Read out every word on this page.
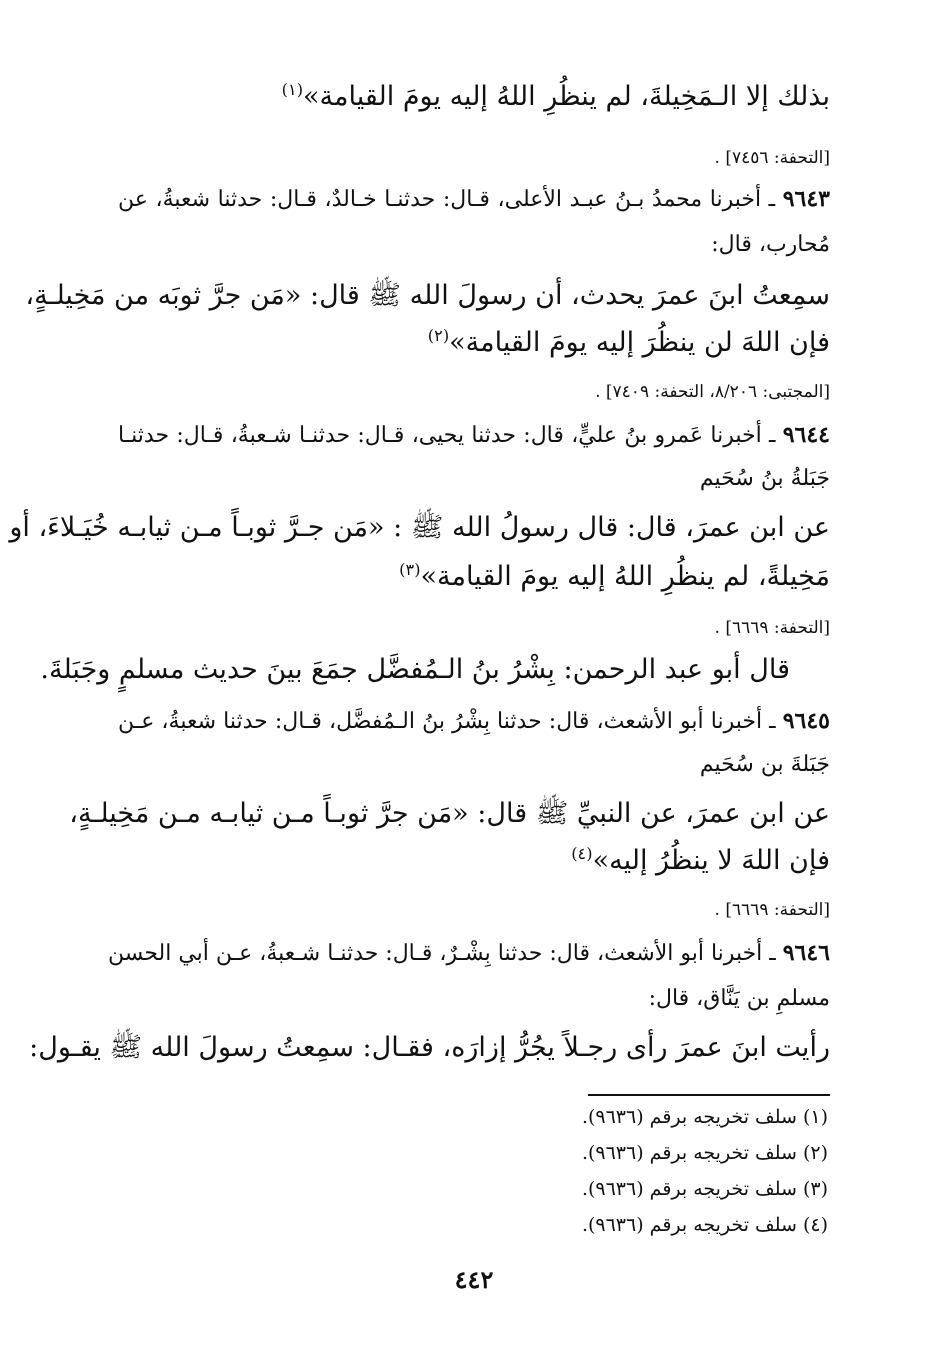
بذلك إلا الـمَخِيلةَ، لم ينظُرِ اللهُ إليه يومَ القيامة»$^{(١)}$
[التحفة: ٧٤٥٦] .
٩٦٤٣ ـ أخبرنا محمدُ بـنُ عبـد الأعلى، قـال: حدثنـا خـالدٌ، قـال: حدثنا شعبةُ، عن
مُحارب، قال:
سمِعتُ ابنَ عمرَ يحدث، أن رسولَ الله ﷺ قال: «مَن جرَّ ثوبَه من مَخِيلـةٍ،
فإن اللهَ لن ينظُرَ إليه يومَ القيامة»$^{(٢)}$
[المجتبى: ٨/٢٠٦، التحفة: ٧٤٠٩] .
٩٦٤٤ ـ أخبرنا عَمرو بنُ عليٍّ، قال: حدثنا يحيى، قـال: حدثنـا شـعبةُ، قـال: حدثنـا
جَبَلةُ بنُ سُحَيم
عن ابن عمرَ، قال: قال رسولُ الله ﷺ : «مَن جـرَّ ثوبـاً مـن ثيابـه خُيَـلاءَ، أو
مَخِيلةً، لم ينظُرِ اللهُ إليه يومَ القيامة»$^{(٣)}$
[التحفة: ٦٦٦٩] .
قال أبو عبد الرحمن: بِشْرُ بنُ الـمُفضَّل جمَعَ بينَ حديث مسلمٍ وجَبَلةَ.
٩٦٤٥ ـ أخبرنا أبو الأشعث، قال: حدثنا بِشْرُ بنُ الـمُفضَّل، قـال: حدثنا شعبةُ، عـن
جَبَلةَ بن سُحَيم
عن ابن عمرَ، عن النبيِّ ﷺ قال: «مَن جرَّ ثوبـاً مـن ثيابـه مـن مَخِيلـةٍ،
فإن اللهَ لا ينظُرُ إليه»$^{(٤)}$
[التحفة: ٦٦٦٩] .
٩٦٤٦ ـ أخبرنا أبو الأشعث، قال: حدثنا بِشْـرٌ، قـال: حدثنـا شـعبةُ، عـن أبي الحسن
مسلمِ بن يَنَّاق، قال:
رأيت ابنَ عمرَ رأى رجـلاً يجُرُّ إزارَه، فقـال: سمِعتُ رسولَ الله ﷺ يقـول:
(١) سلف تخريجه برقم (٩٦٣٦).
(٢) سلف تخريجه برقم (٩٦٣٦).
(٣) سلف تخريجه برقم (٩٦٣٦).
(٤) سلف تخريجه برقم (٩٦٣٦).
٤٤٢
